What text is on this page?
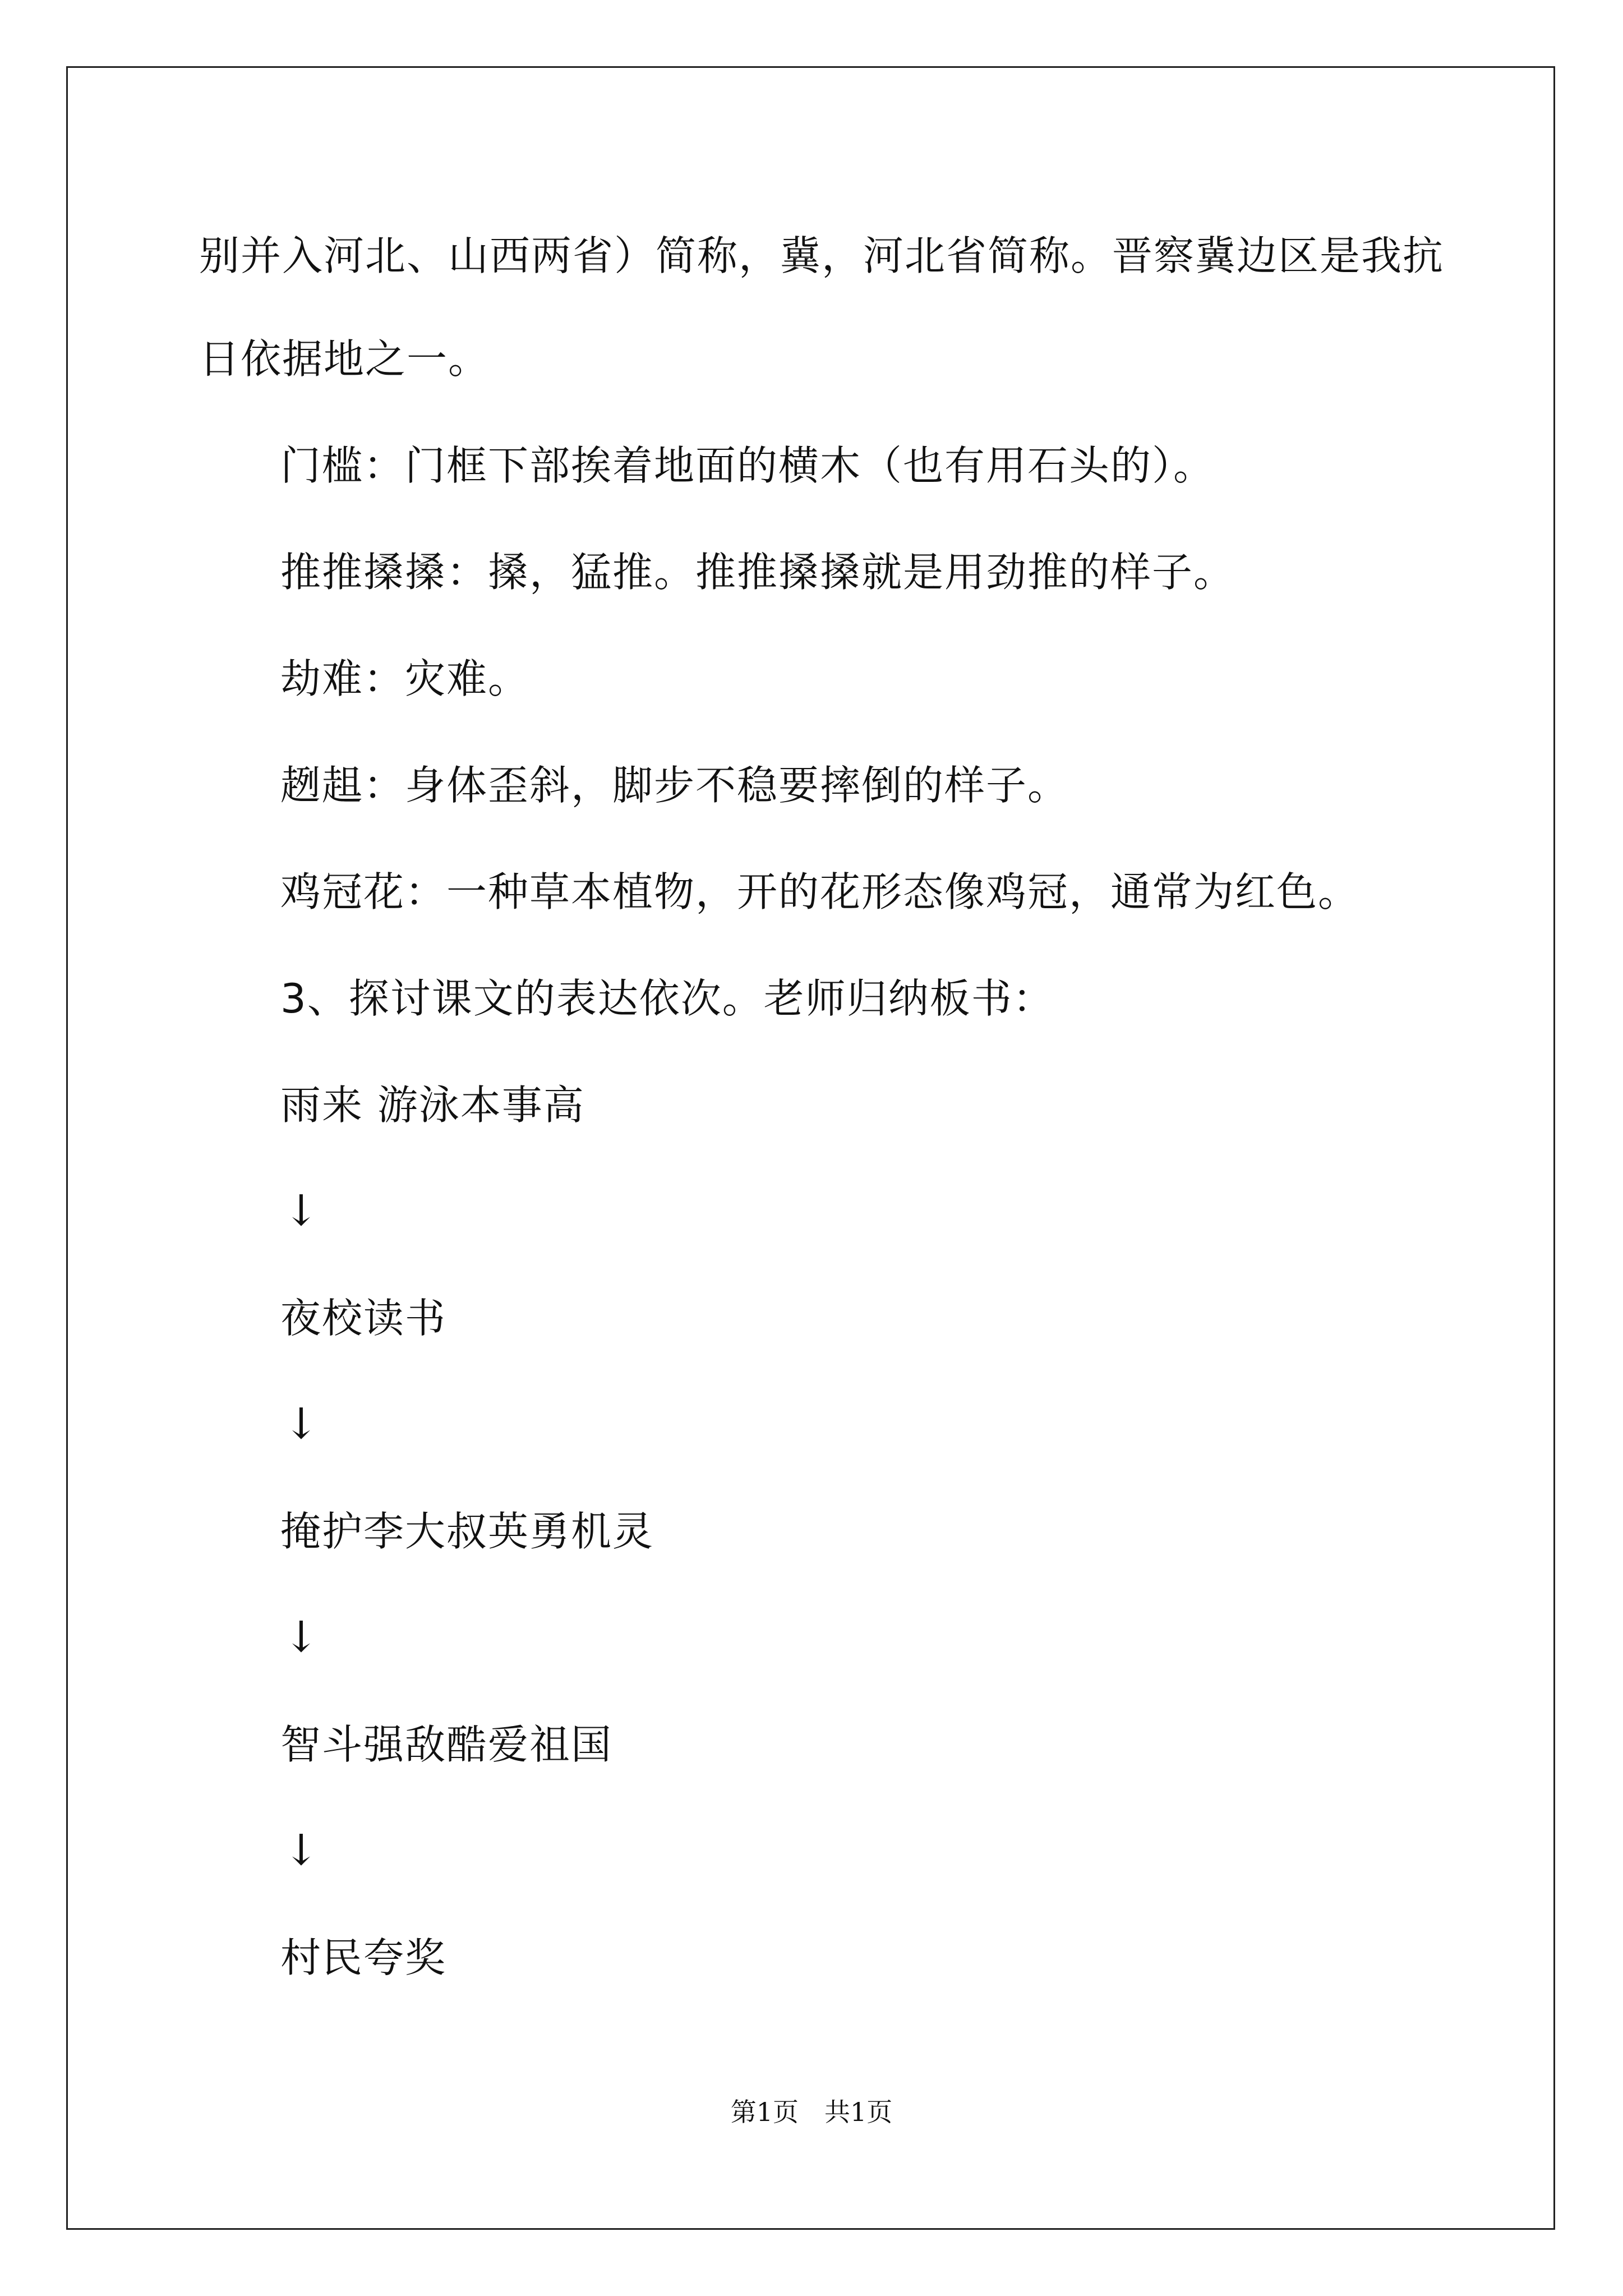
别并入河北、山西两省）简称，冀，河北省简称。晋察冀边区是我抗
日依据地之一。
门槛：门框下部挨着地面的横木（也有用石头的）。
推推搡搡：搡，猛推。推推搡搡就是用劲推的样子。
劫难：灾难。
趔趄：身体歪斜，脚步不稳要摔倒的样子。
鸡冠花：一种草本植物，开的花形态像鸡冠，通常为红色。
3、探讨课文的表达依次。老师归纳板书：
雨来 游泳本事高
↓
夜校读书
↓
掩护李大叔英勇机灵
↓
智斗强敌酷爱祖国
↓
村民夸奖
第1页　共1页
